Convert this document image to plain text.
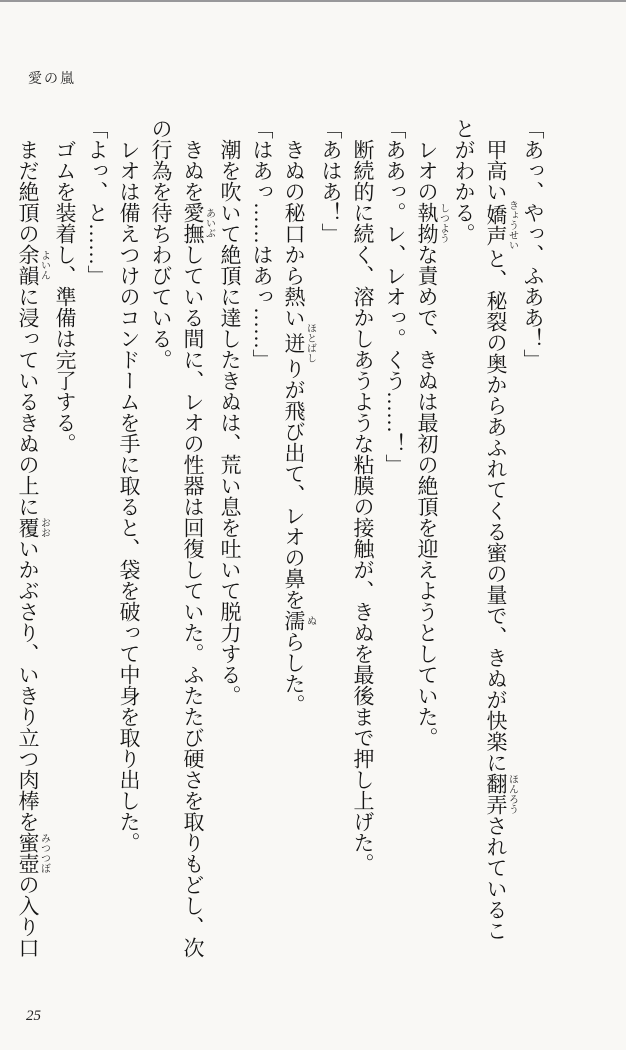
愛の嵐

「あっ、やっ、ふああ！」

甲高い嬌声きょうせいと、秘裂の奥からあふれてくる蜜の量で、きぬが快楽に翻弄ほんろうされていることがわかる。

レオの執拗しつような責めで、きぬは最初の絶頂を迎えようとしていた。

「ああっ。レ、レオっ。くう……！」

断続的に続く、溶かしあうような粘膜の接触が、きぬを最後まで押し上げた。

「あはあ！」

きぬの秘口から熱い迸ほとばしりが飛び出て、レオの鼻を濡ぬらした。

「はあっ……はあっ……」

潮を吹いて絶頂に達したきぬは、荒い息を吐いて脱力する。

きぬを愛撫あいぶしている間に、レオの性器は回復していた。ふたたび硬さを取りもどし、次の行為を待ちわびている。

レオは備えつけのコンドームを手に取ると、袋を破って中身を取り出した。

「よっ、と……」

ゴムを装着し、準備は完了する。

まだ絶頂の余韻よいんに浸っているきぬの上に覆おおいかぶさり、いきり立つ肉棒を蜜壺みつつぼの入り口

25
